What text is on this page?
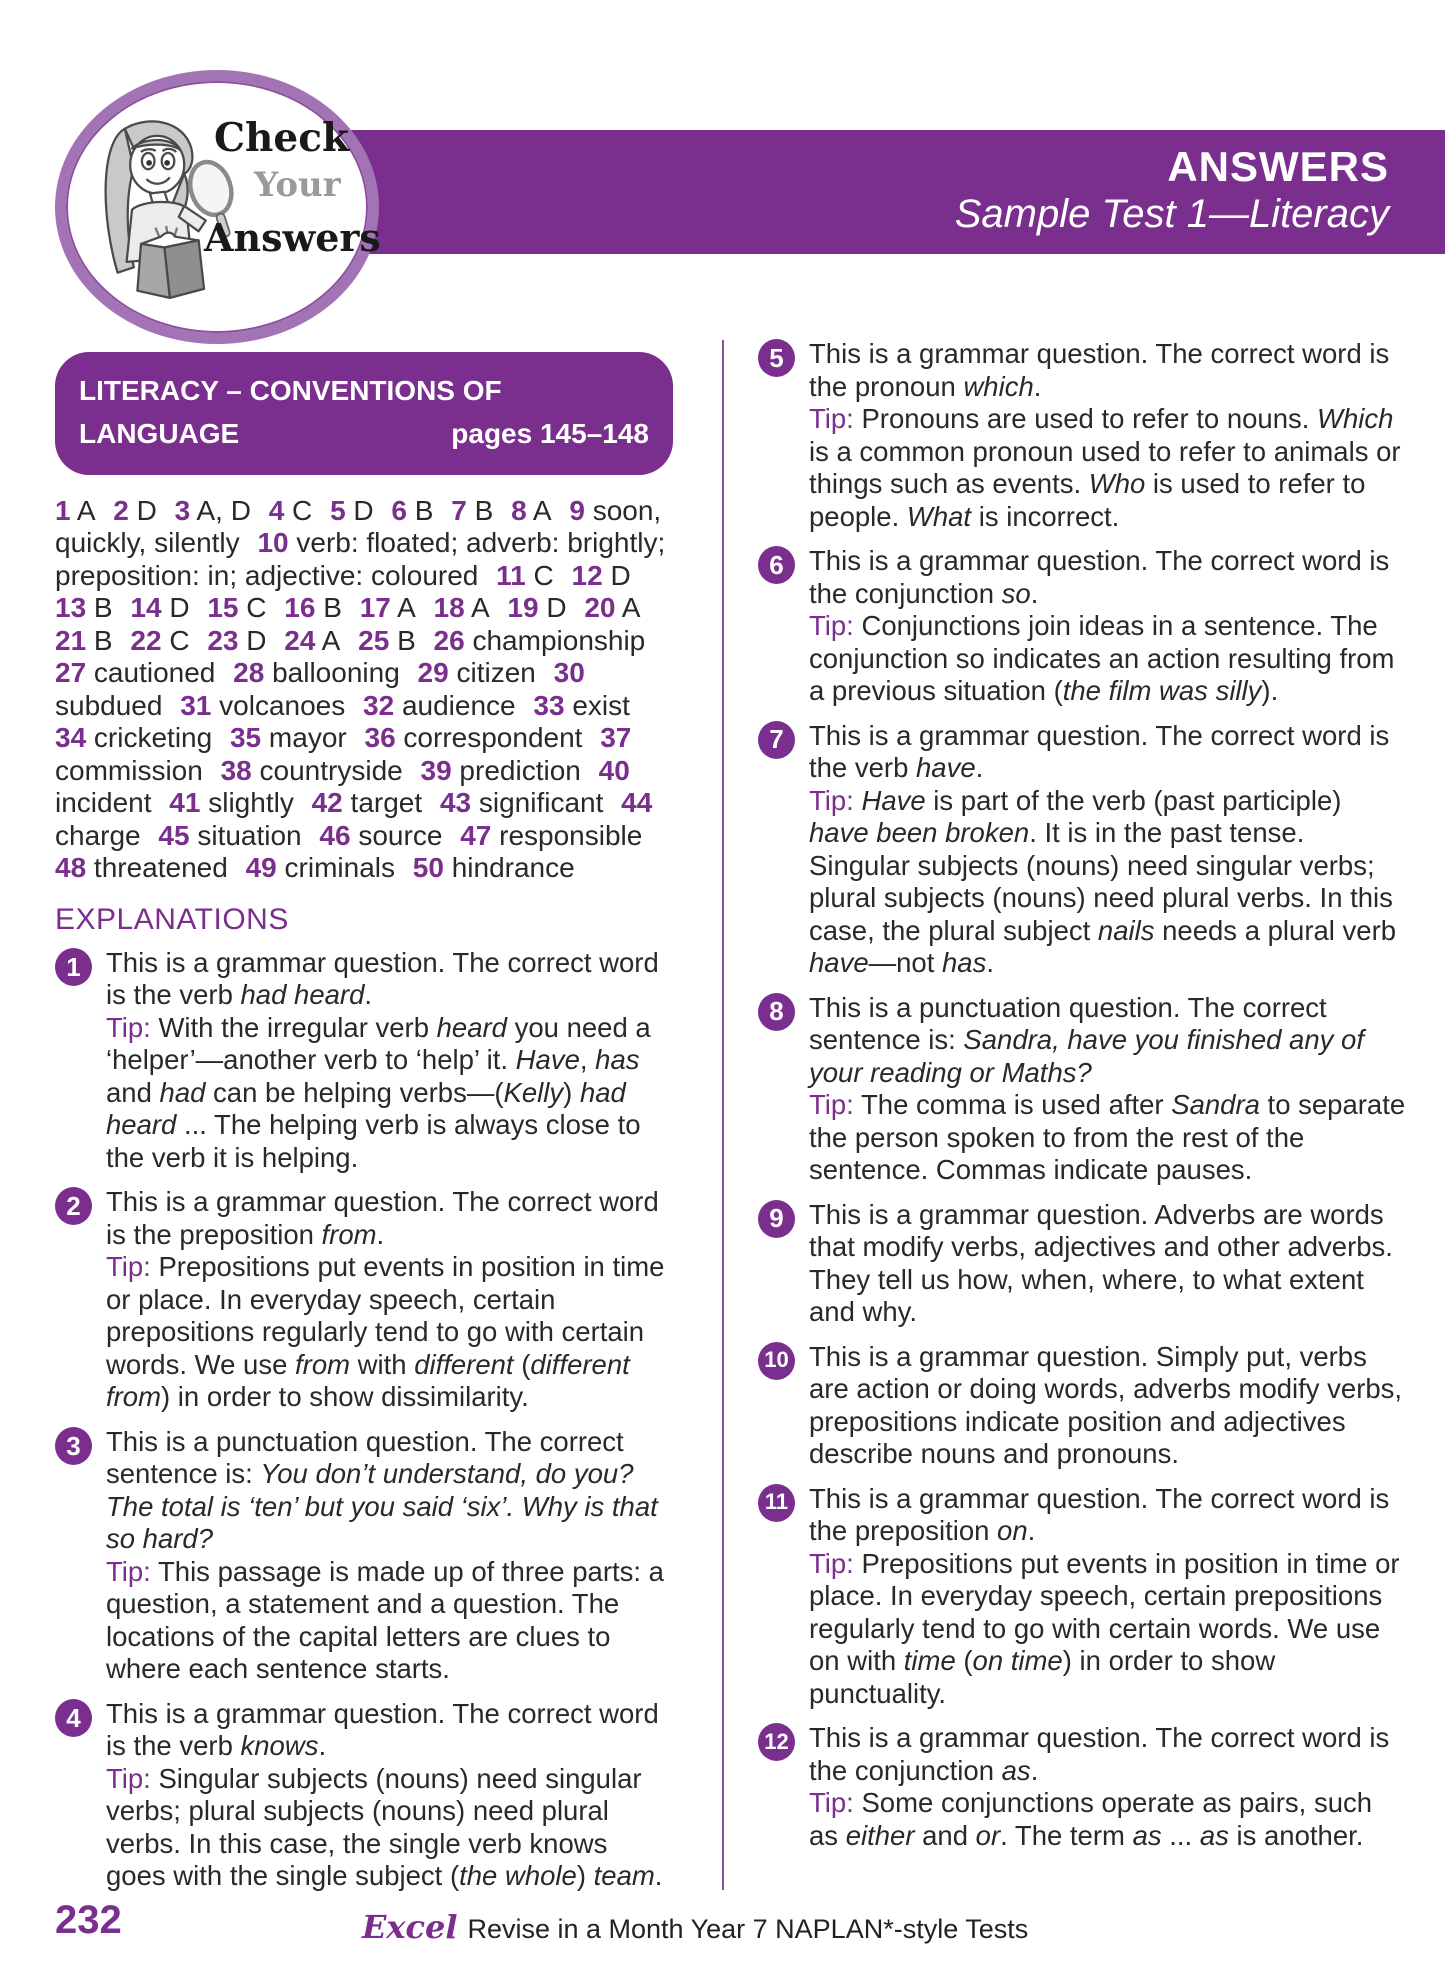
ANSWERS
Sample Test 1—Literacy
Check
Your
Answers
LITERACY – CONVENTIONS OF
LANGUAGE	pages 145–148
1 A 2 D 3 A, D 4 C 5 D 6 B 7 B 8 A 9 soon, quickly, silently 10 verb: floated; adverb: brightly; preposition: in; adjective: coloured 11 C 12 D 13 B 14 D 15 C 16 B 17 A 18 A 19 D 20 A 21 B 22 C 23 D 24 A 25 B 26 championship 27 cautioned 28 ballooning 29 citizen 30 subdued 31 volcanoes 32 audience 33 exist 34 cricketing 35 mayor 36 correspondent 37 commission 38 countryside 39 prediction 40 incident 41 slightly 42 target 43 significant 44 charge 45 situation 46 source 47 responsible 48 threatened 49 criminals 50 hindrance
EXPLANATIONS
1 This is a grammar question. The correct word is the verb had heard.
Tip: With the irregular verb heard you need a ‘helper’—another verb to ‘help’ it. Have, has and had can be helping verbs—(Kelly) had heard ... The helping verb is always close to the verb it is helping.
2 This is a grammar question. The correct word is the preposition from.
Tip: Prepositions put events in position in time or place. In everyday speech, certain prepositions regularly tend to go with certain words. We use from with different (different from) in order to show dissimilarity.
3 This is a punctuation question. The correct sentence is: You don’t understand, do you? The total is ‘ten’ but you said ‘six’. Why is that so hard?
Tip: This passage is made up of three parts: a question, a statement and a question. The locations of the capital letters are clues to where each sentence starts.
4 This is a grammar question. The correct word is the verb knows.
Tip: Singular subjects (nouns) need singular verbs; plural subjects (nouns) need plural verbs. In this case, the single verb knows goes with the single subject (the whole) team.
5 This is a grammar question. The correct word is the pronoun which.
Tip: Pronouns are used to refer to nouns. Which is a common pronoun used to refer to animals or things such as events. Who is used to refer to people. What is incorrect.
6 This is a grammar question. The correct word is the conjunction so.
Tip: Conjunctions join ideas in a sentence. The conjunction so indicates an action resulting from a previous situation (the film was silly).
7 This is a grammar question. The correct word is the verb have.
Tip: Have is part of the verb (past participle) have been broken. It is in the past tense. Singular subjects (nouns) need singular verbs; plural subjects (nouns) need plural verbs. In this case, the plural subject nails needs a plural verb have—not has.
8 This is a punctuation question. The correct sentence is: Sandra, have you finished any of your reading or Maths?
Tip: The comma is used after Sandra to separate the person spoken to from the rest of the sentence. Commas indicate pauses.
9 This is a grammar question. Adverbs are words that modify verbs, adjectives and other adverbs. They tell us how, when, where, to what extent and why.
10 This is a grammar question. Simply put, verbs are action or doing words, adverbs modify verbs, prepositions indicate position and adjectives describe nouns and pronouns.
11 This is a grammar question. The correct word is the preposition on.
Tip: Prepositions put events in position in time or place. In everyday speech, certain prepositions regularly tend to go with certain words. We use on with time (on time) in order to show punctuality.
12 This is a grammar question. The correct word is the conjunction as.
Tip: Some conjunctions operate as pairs, such as either and or. The term as ... as is another.
232	Excel Revise in a Month Year 7 NAPLAN*-style Tests
